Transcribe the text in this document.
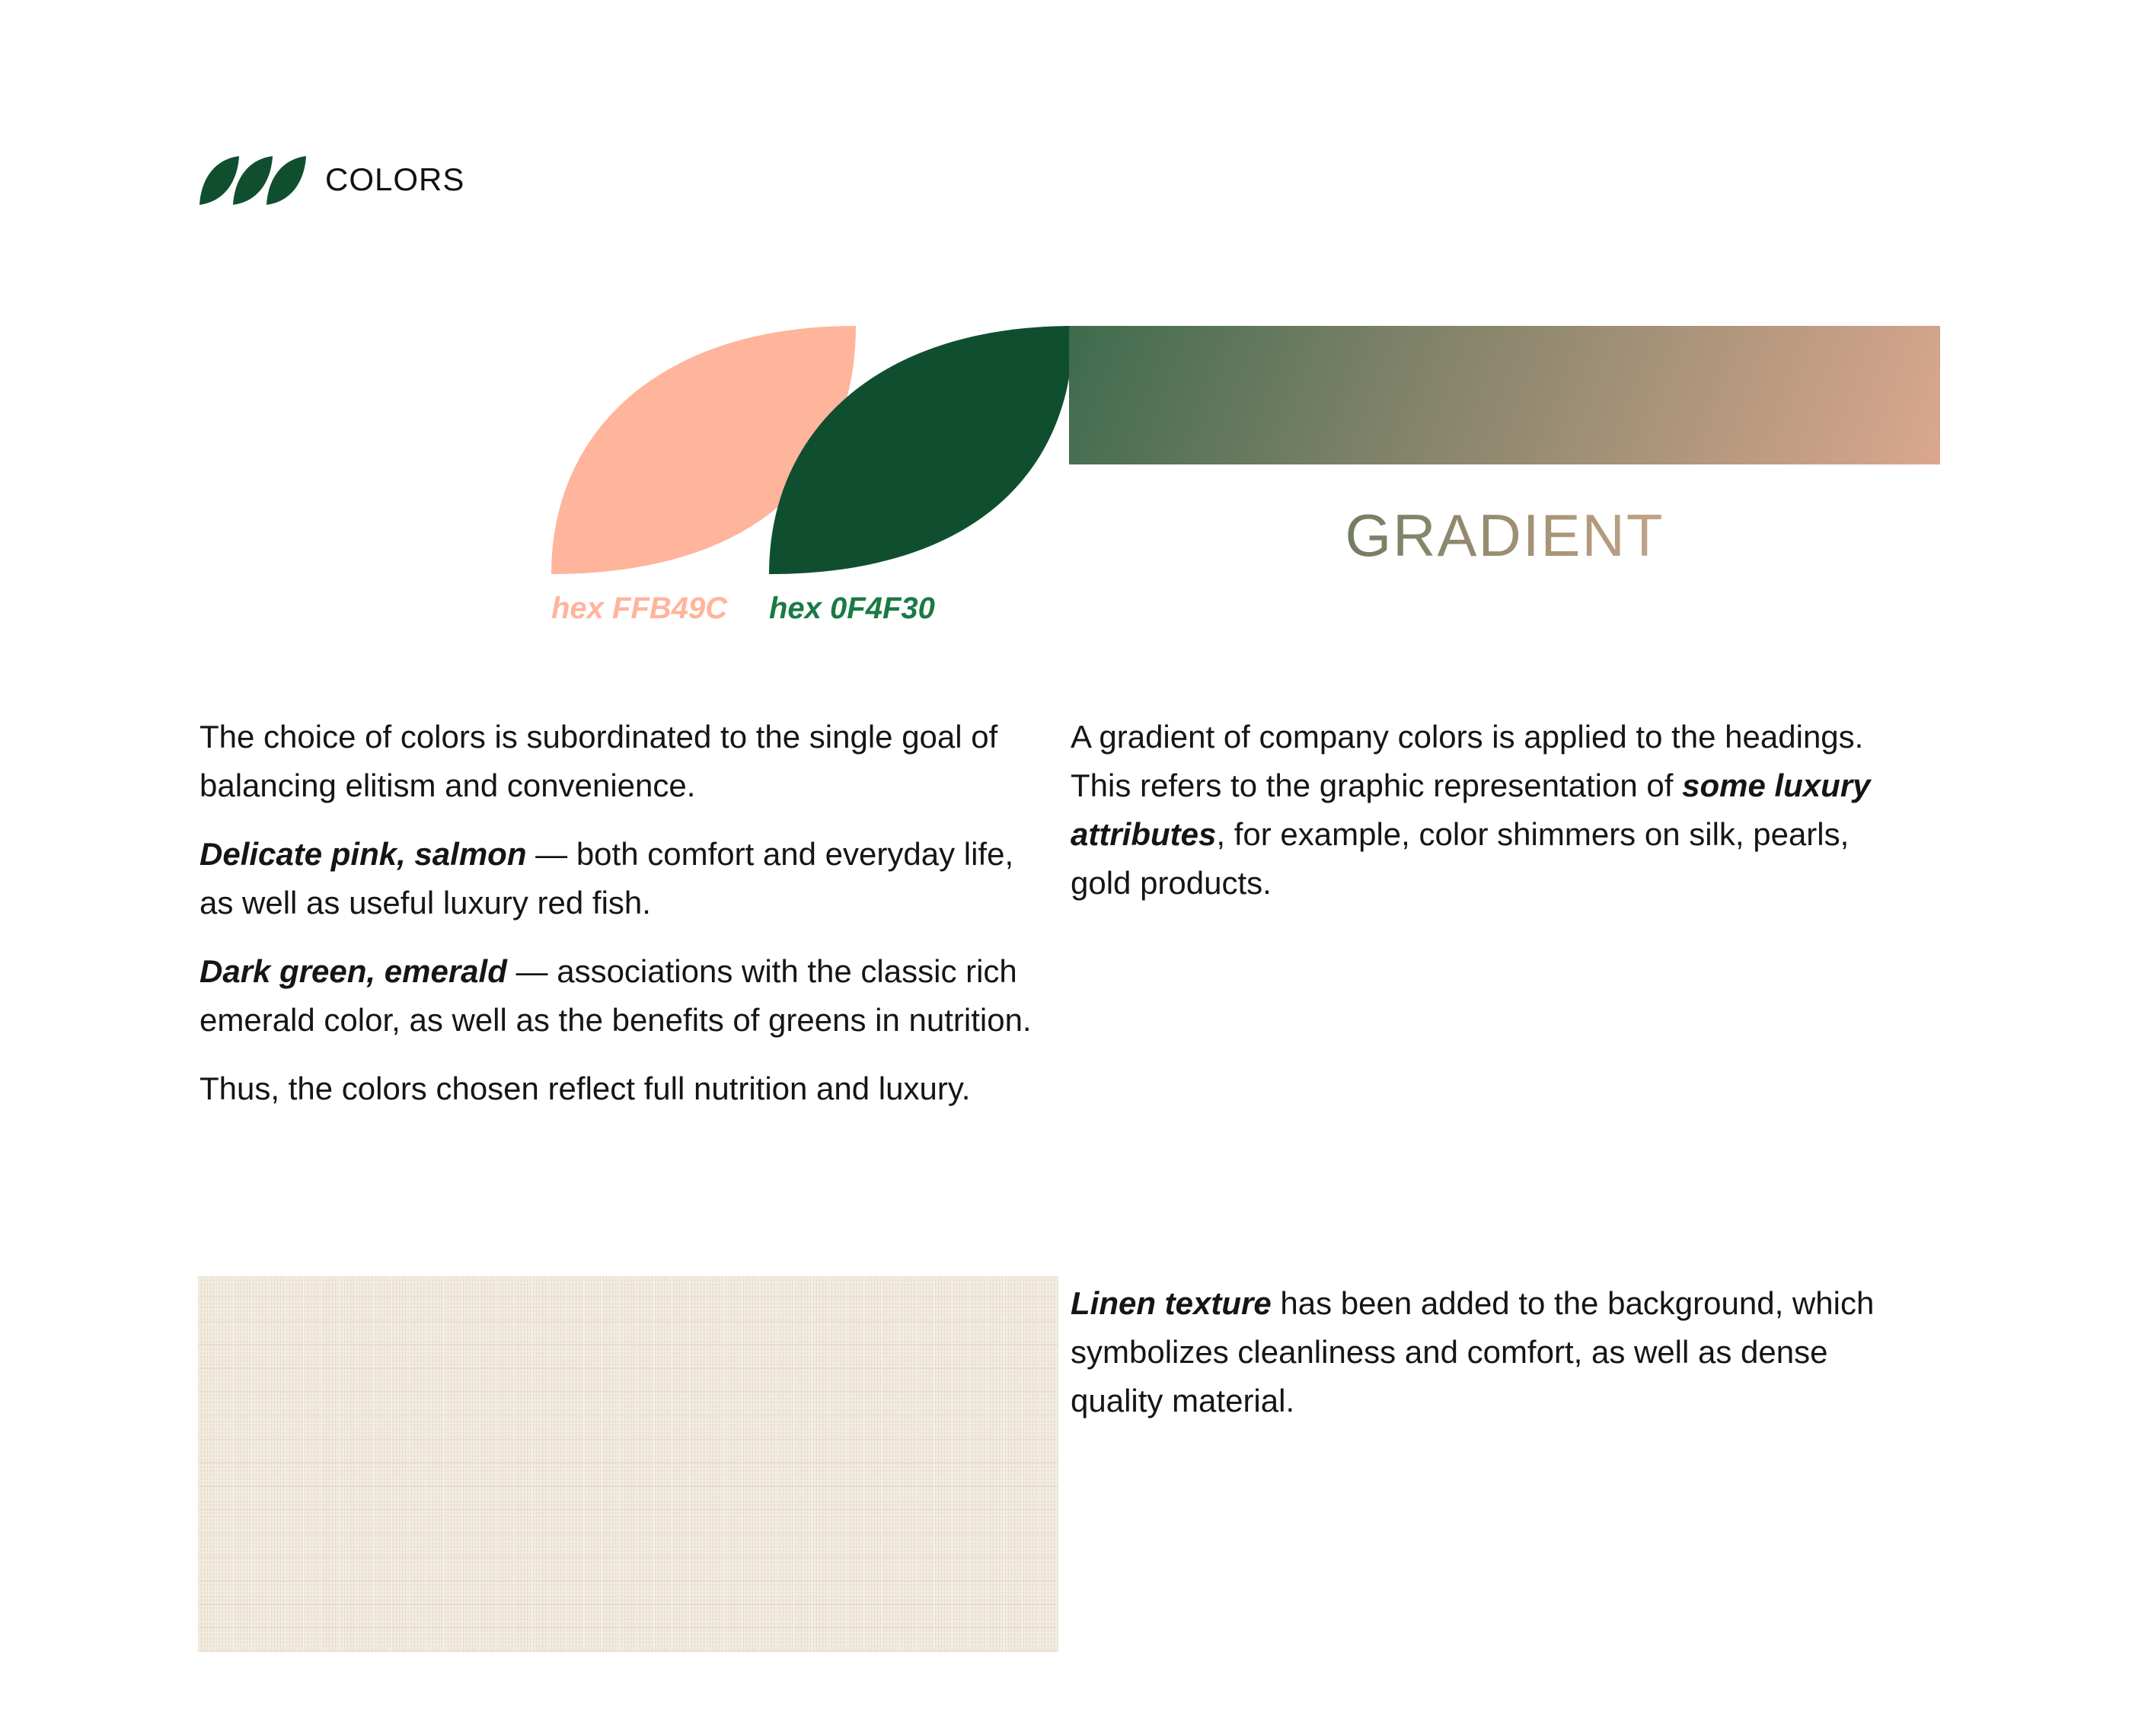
COLORS
hex FFB49C hex 0F4F30
GRADIENT

The choice of colors is subordinated to the single goal of balancing elitism and convenience.

Delicate pink, salmon — both comfort and everyday life, as well as useful luxury red fish.

Dark green, emerald — associations with the classic rich emerald color, as well as the benefits of greens in nutrition.

Thus, the colors chosen reflect full nutrition and luxury.

A gradient of company colors is applied to the headings. This refers to the graphic representation of some luxury attributes, for example, color shimmers on silk, pearls, gold products.

Linen texture has been added to the background, which symbolizes cleanliness and comfort, as well as dense quality material.
